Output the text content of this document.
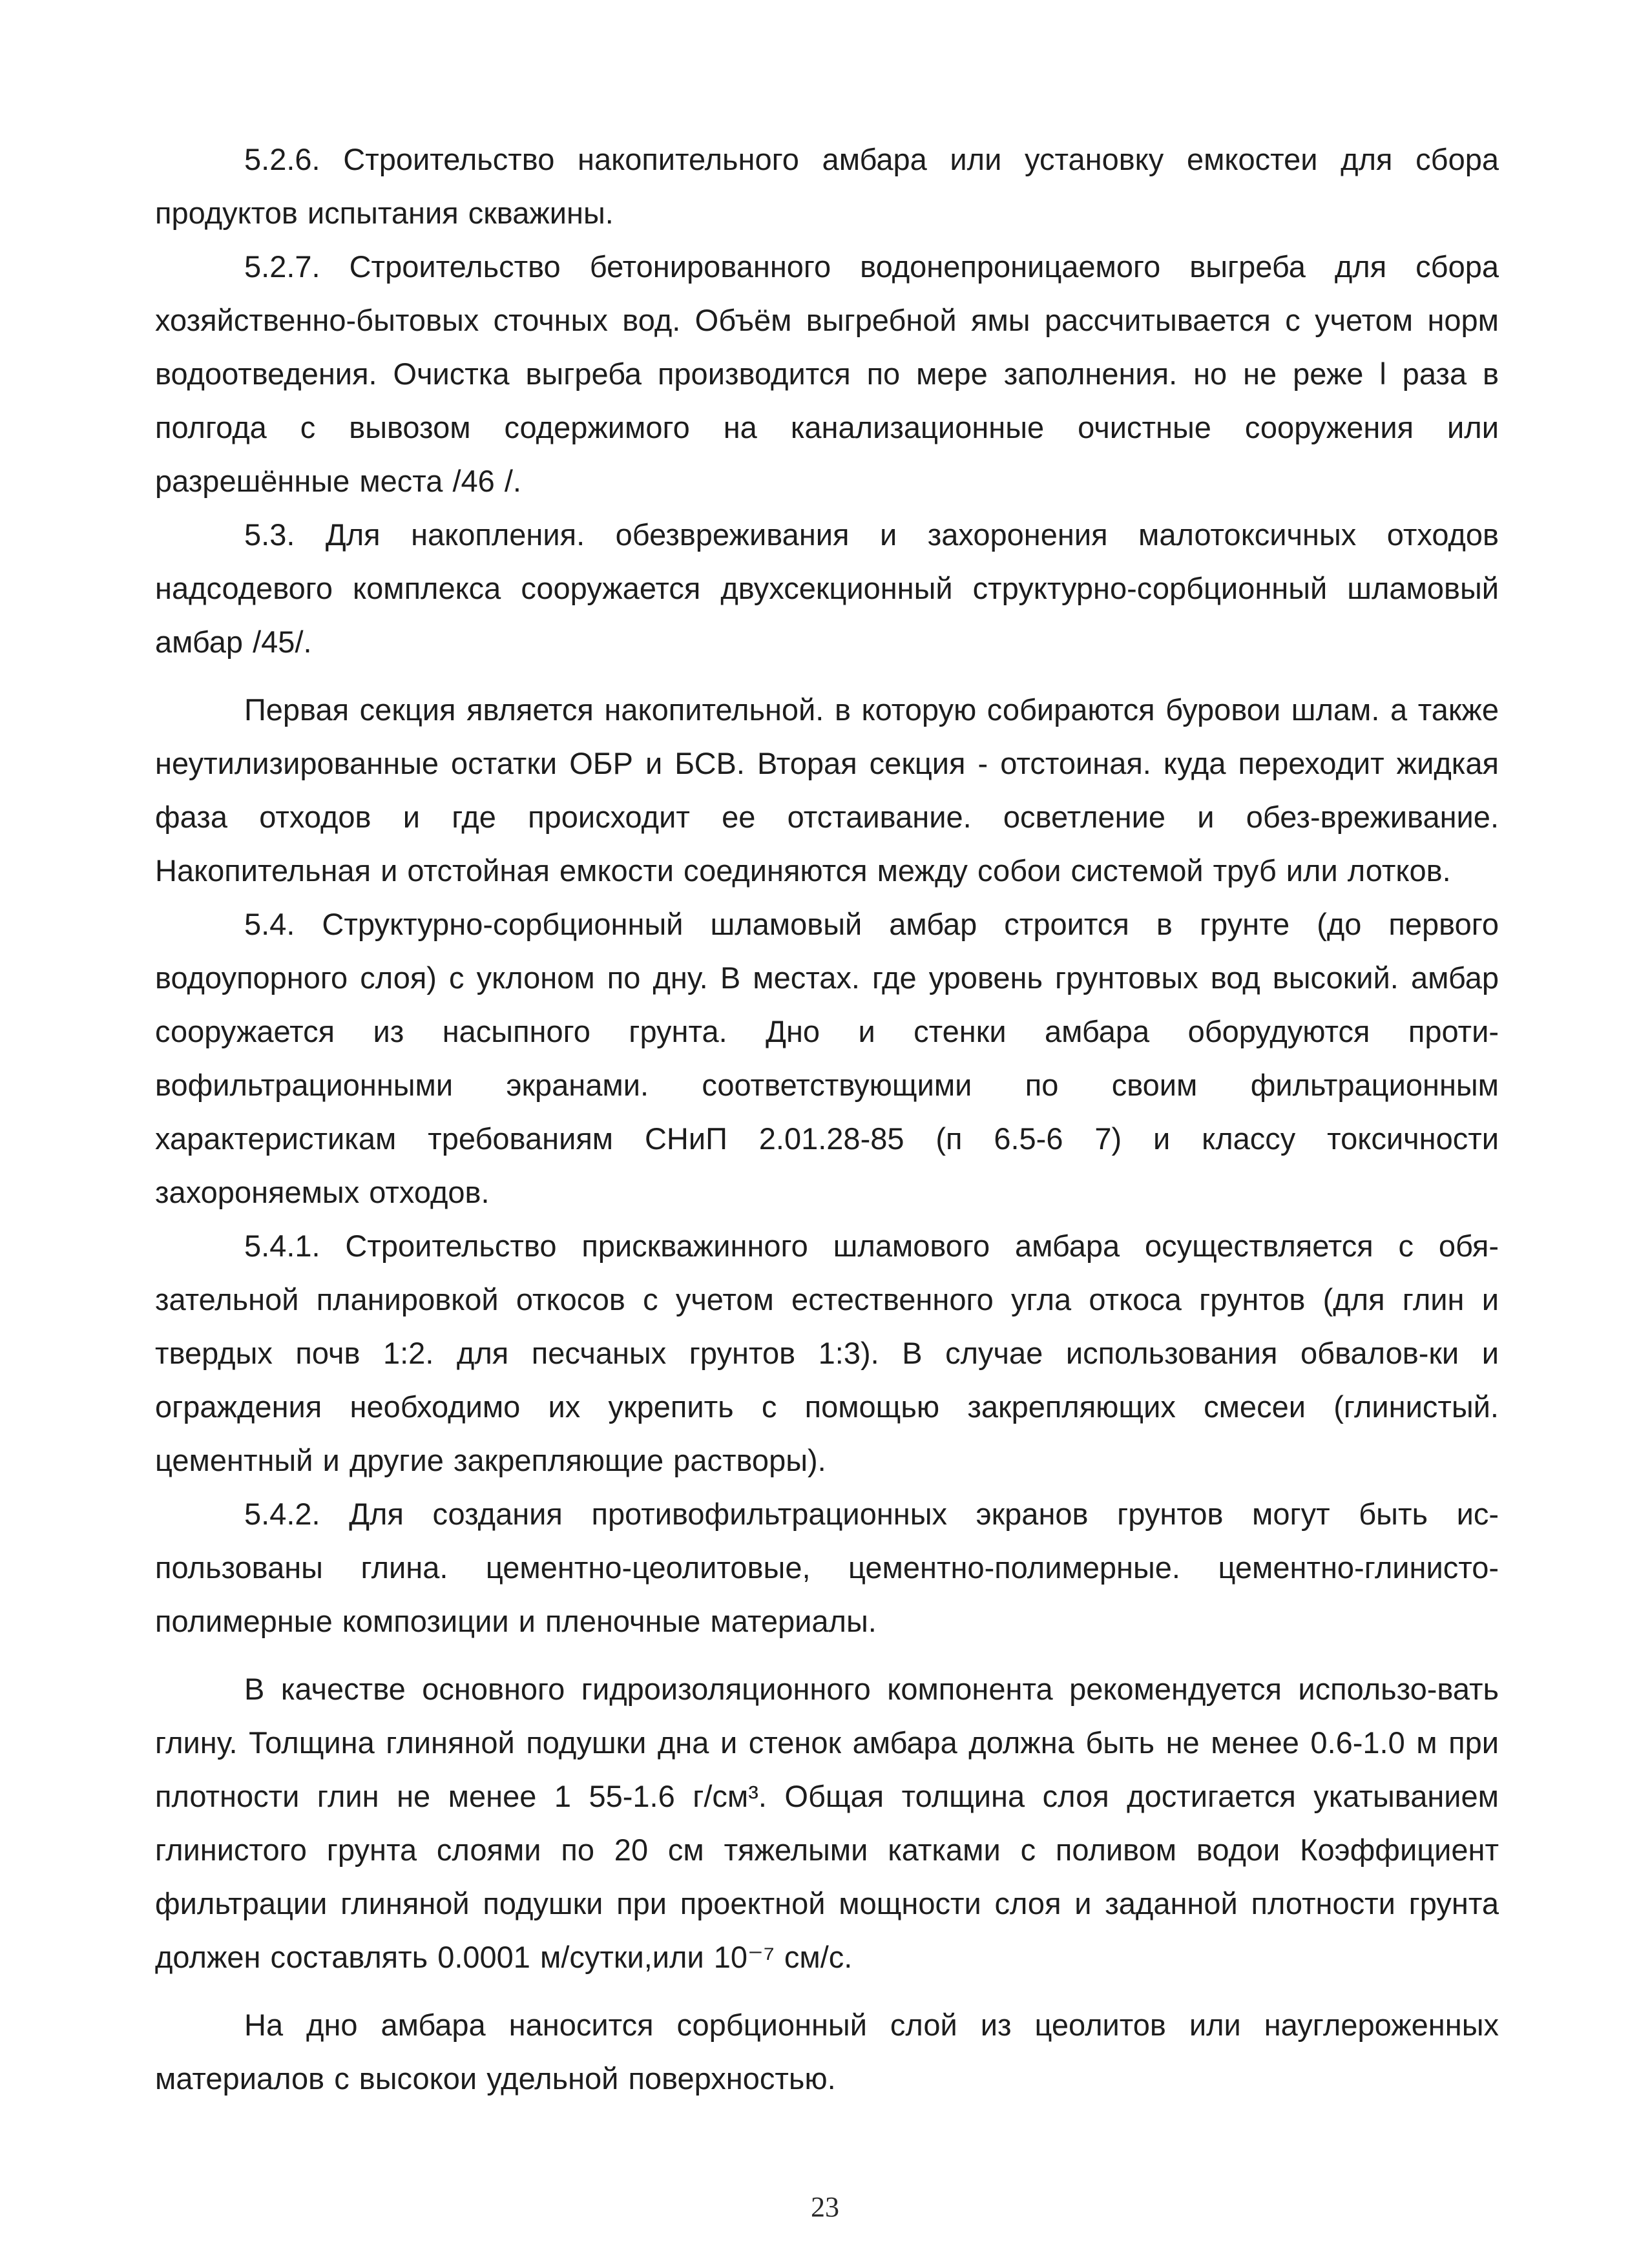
5.2.6. Строительство накопительного амбара или установку емкостеи для сбора продуктов испытания скважины.

5.2.7. Строительство бетонированного водонепроницаемого выгреба для сбора хозяйственно-бытовых сточных вод. Объём выгребной ямы рассчитывается с учетом норм водоотведения. Очистка выгреба производится по мере заполнения. но не реже l раза в полгода с вывозом содержимого на канализационные очистные сооружения или разрешённые места /46 /.

5.3. Для накопления. обезвреживания и захоронения малотоксичных отходов надсодевого комплекса сооружается двухсекционный структурно-сорбционный шламовый амбар /45/.

Первая секция является накопительной. в которую собираются буровои шлам. а также неутилизированные остатки ОБР и БСВ. Вторая секция - отстоиная. куда переходит жидкая фаза отходов и где происходит ее отстаивание. осветление и обез-вреживание. Накопительная и отстойная емкости соединяются между собои системой труб или лотков.

5.4. Структурно-сорбционный шламовый амбар строится в грунте (до первого водоупорного слоя) с уклоном по дну. В местах. где уровень грунтовых вод высокий. амбар сооружается из насыпного грунта. Дно и стенки амбара оборудуются проти-вофильтрационными экранами. соответствующими по своим фильтрационным характеристикам требованиям СНиП 2.01.28-85 (п 6.5-6 7) и классу токсичности захороняемых отходов.

5.4.1. Строительство прискважинного шламового амбара осуществляется с обя-зательной планировкой откосов с учетом естественного угла откоса грунтов (для глин и твердых почв 1:2. для песчаных грунтов 1:3). В случае использования обвалов-ки и ограждения необходимо их укрепить с помощью закрепляющих смесеи (глинистый. цементный и другие закрепляющие растворы).

5.4.2. Для создания противофильтрационных экранов грунтов могут быть ис-пользованы глина. цементно-цеолитовые, цементно-полимерные. цементно-глинисто-полимерные композиции и пленочные материалы.

В качестве основного гидроизоляционного компонента рекомендуется использо-вать глину. Толщина глиняной подушки дна и стенок амбара должна быть не менее 0.6-1.0 м при плотности глин не менее 1 55-1.6 г/см³. Общая толщина слоя достигается укатыванием глинистого грунта слоями по 20 см тяжелыми катками с поливом водои Коэффициент фильтрации глиняной подушки при проектной мощности слоя и заданной плотности грунта должен составлять 0.0001 м/сутки,или 10⁻⁷ см/с.

На дно амбара наносится сорбционный слой из цеолитов или науглероженных материалов с высокои удельной поверхностью.

23
